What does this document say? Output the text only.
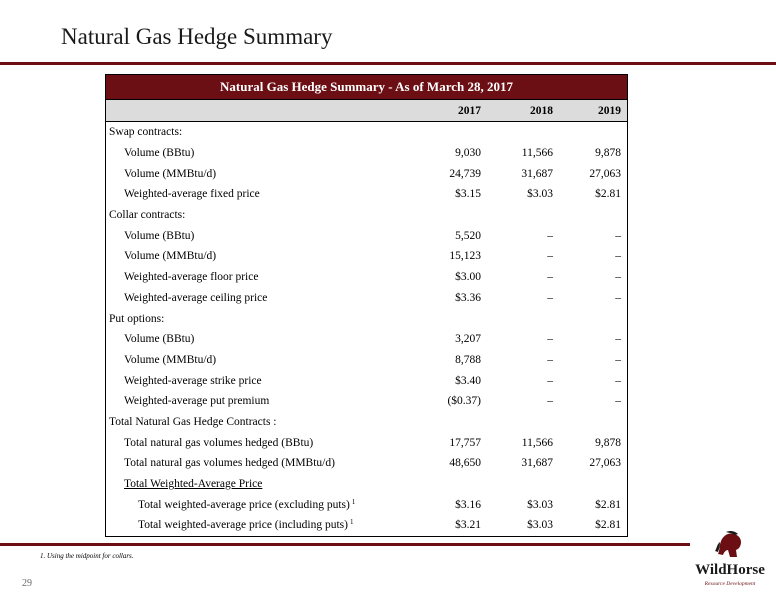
Natural Gas Hedge Summary
Natural Gas Hedge Summary - As of March 28, 2017
2017	2018	2019
Swap contracts:
Volume (BBtu)	9,030	11,566	9,878
Volume (MMBtu/d)	24,739	31,687	27,063
Weighted-average fixed price	$3.15	$3.03	$2.81
Collar contracts:
Volume (BBtu)	5,520	–	–
Volume (MMBtu/d)	15,123	–	–
Weighted-average floor price	$3.00	–	–
Weighted-average ceiling price	$3.36	–	–
Put options:
Volume (BBtu)	3,207	–	–
Volume (MMBtu/d)	8,788	–	–
Weighted-average strike price	$3.40	–	–
Weighted-average put premium	($0.37)	–	–
Total Natural Gas Hedge Contracts :
Total natural gas volumes hedged (BBtu)	17,757	11,566	9,878
Total natural gas volumes hedged (MMBtu/d)	48,650	31,687	27,063
Total Weighted-Average Price
Total weighted-average price (excluding puts) $^1$	$3.16	$3.03	$2.81
Total weighted-average price (including puts) $^1$	$3.21	$3.03	$2.81
1. Using the midpoint for collars.
29
WildHorse
Resource Development
